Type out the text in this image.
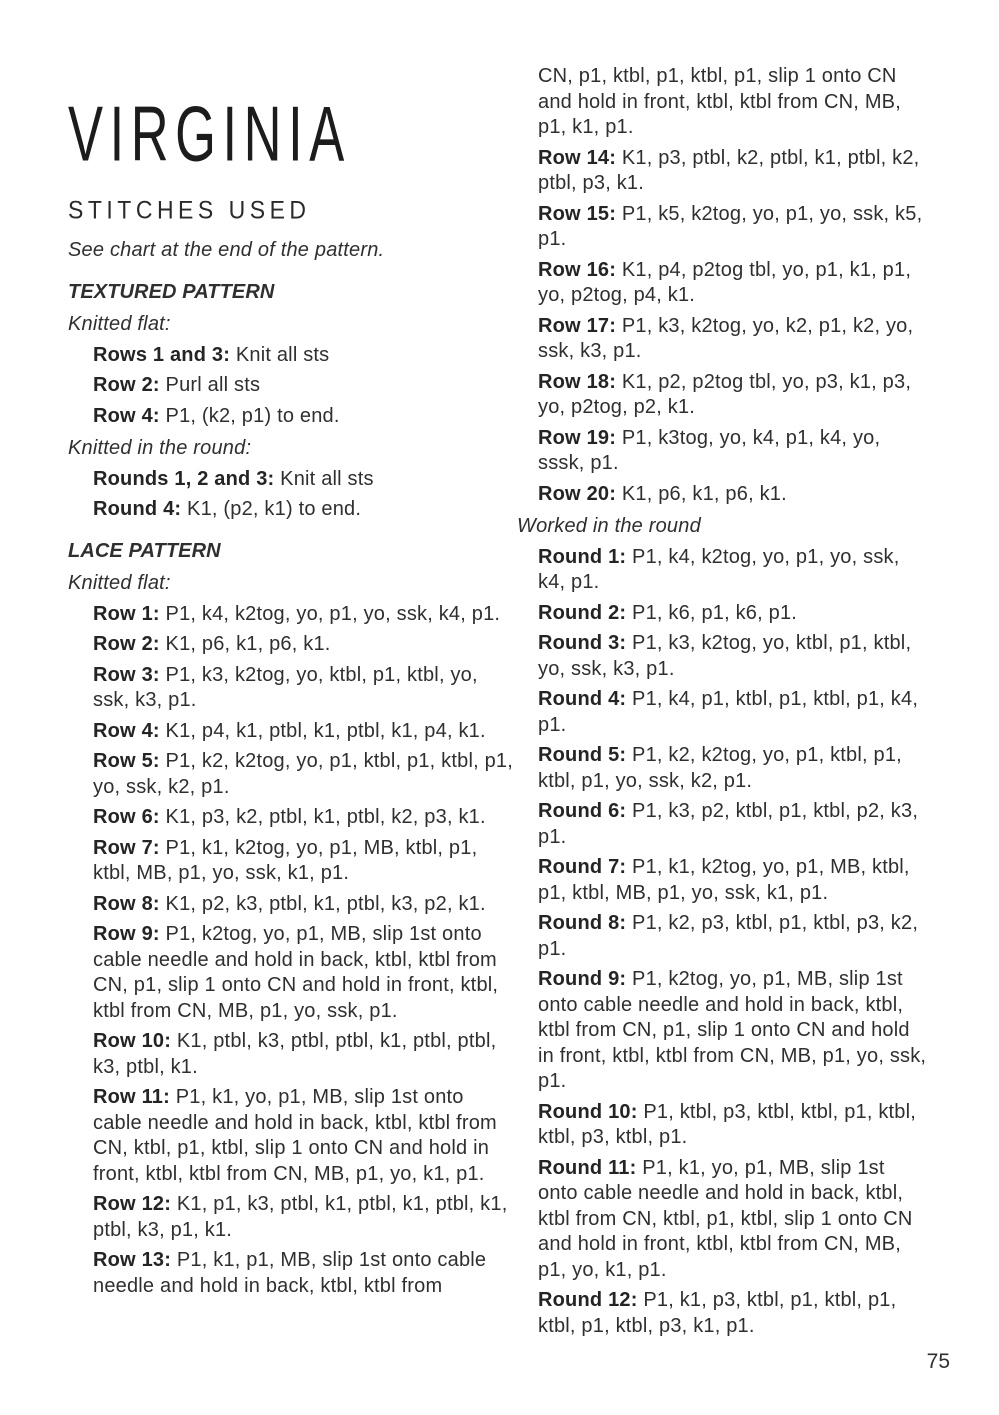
VIRGINIA
STITCHES USED
See chart at the end of the pattern.
TEXTURED PATTERN
Knitted flat:
Rows 1 and 3: Knit all sts
Row 2: Purl all sts
Row 4: P1, (k2, p1) to end.
Knitted in the round:
Rounds 1, 2 and 3: Knit all sts
Round 4: K1, (p2, k1) to end.
LACE PATTERN
Knitted flat:
Row 1: P1, k4, k2tog, yo, p1, yo, ssk, k4, p1.
Row 2: K1, p6, k1, p6, k1.
Row 3: P1, k3, k2tog, yo, ktbl, p1, ktbl, yo, ssk, k3, p1.
Row 4: K1, p4, k1, ptbl, k1, ptbl, k1, p4, k1.
Row 5: P1, k2, k2tog, yo, p1, ktbl, p1, ktbl, p1, yo, ssk, k2, p1.
Row 6: K1, p3, k2, ptbl, k1, ptbl, k2, p3, k1.
Row 7: P1, k1, k2tog, yo, p1, MB, ktbl, p1, ktbl, MB, p1, yo, ssk, k1, p1.
Row 8: K1, p2, k3, ptbl, k1, ptbl, k3, p2, k1.
Row 9: P1, k2tog, yo, p1, MB, slip 1st onto cable needle and hold in back, ktbl, ktbl from CN, p1, slip 1 onto CN and hold in front, ktbl, ktbl from CN, MB, p1, yo, ssk, p1.
Row 10: K1, ptbl, k3, ptbl, ptbl, k1, ptbl, ptbl, k3, ptbl, k1.
Row 11: P1, k1, yo, p1, MB, slip 1st onto cable needle and hold in back, ktbl, ktbl from CN, ktbl, p1, ktbl, slip 1 onto CN and hold in front, ktbl, ktbl from CN, MB, p1, yo, k1, p1.
Row 12: K1, p1, k3, ptbl, k1, ptbl, k1, ptbl, k1, ptbl, k3, p1, k1.
Row 13: P1, k1, p1, MB, slip 1st onto cable needle and hold in back, ktbl, ktbl from
CN, p1, ktbl, p1, ktbl, p1, slip 1 onto CN and hold in front, ktbl, ktbl from CN, MB, p1, k1, p1.
Row 14: K1, p3, ptbl, k2, ptbl, k1, ptbl, k2, ptbl, p3, k1.
Row 15: P1, k5, k2tog, yo, p1, yo, ssk, k5, p1.
Row 16: K1, p4, p2tog tbl, yo, p1, k1, p1, yo, p2tog, p4, k1.
Row 17: P1, k3, k2tog, yo, k2, p1, k2, yo, ssk, k3, p1.
Row 18: K1, p2, p2tog tbl, yo, p3, k1, p3, yo, p2tog, p2, k1.
Row 19: P1, k3tog, yo, k4, p1, k4, yo, sssk, p1.
Row 20: K1, p6, k1, p6, k1.
Worked in the round
Round 1: P1, k4, k2tog, yo, p1, yo, ssk, k4, p1.
Round 2: P1, k6, p1, k6, p1.
Round 3: P1, k3, k2tog, yo, ktbl, p1, ktbl, yo, ssk, k3, p1.
Round 4: P1, k4, p1, ktbl, p1, ktbl, p1, k4, p1.
Round 5: P1, k2, k2tog, yo, p1, ktbl, p1, ktbl, p1, yo, ssk, k2, p1.
Round 6: P1, k3, p2, ktbl, p1, ktbl, p2, k3, p1.
Round 7: P1, k1, k2tog, yo, p1, MB, ktbl, p1, ktbl, MB, p1, yo, ssk, k1, p1.
Round 8: P1, k2, p3, ktbl, p1, ktbl, p3, k2, p1.
Round 9: P1, k2tog, yo, p1, MB, slip 1st onto cable needle and hold in back, ktbl, ktbl from CN, p1, slip 1 onto CN and hold in front, ktbl, ktbl from CN, MB, p1, yo, ssk, p1.
Round 10: P1, ktbl, p3, ktbl, ktbl, p1, ktbl, ktbl, p3, ktbl, p1.
Round 11: P1, k1, yo, p1, MB, slip 1st onto cable needle and hold in back, ktbl, ktbl from CN, ktbl, p1, ktbl, slip 1 onto CN and hold in front, ktbl, ktbl from CN, MB, p1, yo, k1, p1.
Round 12: P1, k1, p3, ktbl, p1, ktbl, p1, ktbl, p1, ktbl, p3, k1, p1.
75
